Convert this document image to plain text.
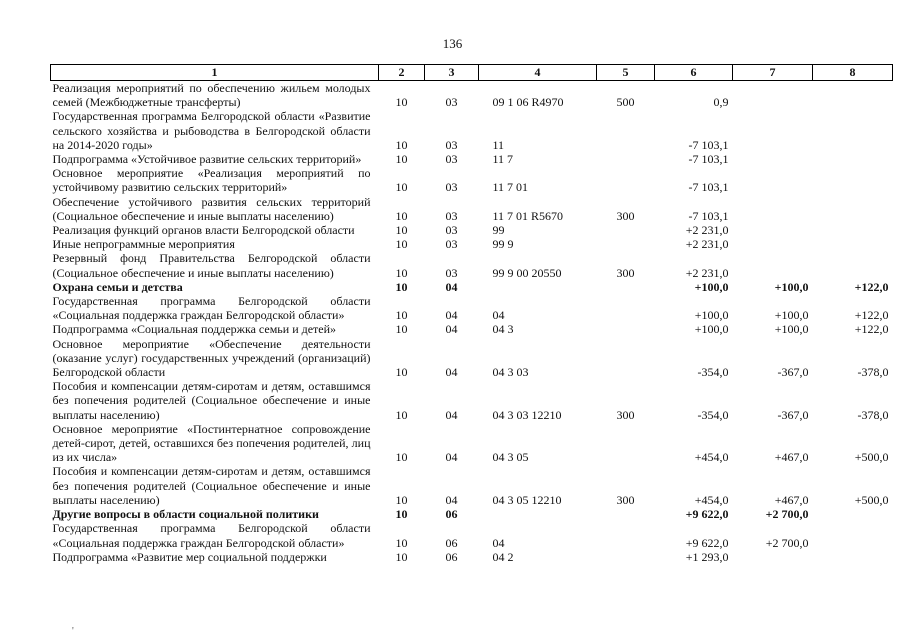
136
1	2	3	4	5	6	7	8
Реализация мероприятий по обеспечению жильем молодых семей (Межбюджетные трансферты)	10	03	09 1 06 R4970	500	0,9		
Государственная программа Белгородской области «Развитие сельского хозяйства и рыбоводства в Белгородской области на 2014-2020 годы»	10	03	11		-7 103,1		
Подпрограмма «Устойчивое развитие сельских территорий»	10	03	11 7		-7 103,1		
Основное мероприятие «Реализация мероприятий по устойчивому развитию сельских территорий»	10	03	11 7 01		-7 103,1		
Обеспечение устойчивого развития сельских территорий (Социальное обеспечение и иные выплаты населению)	10	03	11 7 01 R5670	300	-7 103,1		
Реализация функций органов власти Белгородской области	10	03	99		+2 231,0		
Иные непрограммные мероприятия	10	03	99 9		+2 231,0		
Резервный фонд Правительства Белгородской области (Социальное обеспечение и иные выплаты населению)	10	03	99 9 00 20550	300	+2 231,0		
Охрана семьи и детства	10	04			+100,0	+100,0	+122,0
Государственная программа Белгородской области «Социальная поддержка граждан Белгородской области»	10	04	04		+100,0	+100,0	+122,0
Подпрограмма «Социальная поддержка семьи и детей»	10	04	04 3		+100,0	+100,0	+122,0
Основное мероприятие «Обеспечение деятельности (оказание услуг) государственных учреждений (организаций) Белгородской области	10	04	04 3 03		-354,0	-367,0	-378,0
Пособия и компенсации детям-сиротам и детям, оставшимся без попечения родителей (Социальное обеспечение и иные выплаты населению)	10	04	04 3 03 12210	300	-354,0	-367,0	-378,0
Основное мероприятие «Постинтернатное сопровождение детей-сирот, детей, оставшихся без попечения родителей, лиц из их числа»	10	04	04 3 05		+454,0	+467,0	+500,0
Пособия и компенсации детям-сиротам и детям, оставшимся без попечения родителей (Социальное обеспечение и иные выплаты населению)	10	04	04 3 05 12210	300	+454,0	+467,0	+500,0
Другие вопросы в области социальной политики	10	06			+9 622,0	+2 700,0	
Государственная программа Белгородской области «Социальная поддержка граждан Белгородской области»	10	06	04		+9 622,0	+2 700,0	
Подпрограмма «Развитие мер социальной поддержки	10	06	04 2		+1 293,0		
'
